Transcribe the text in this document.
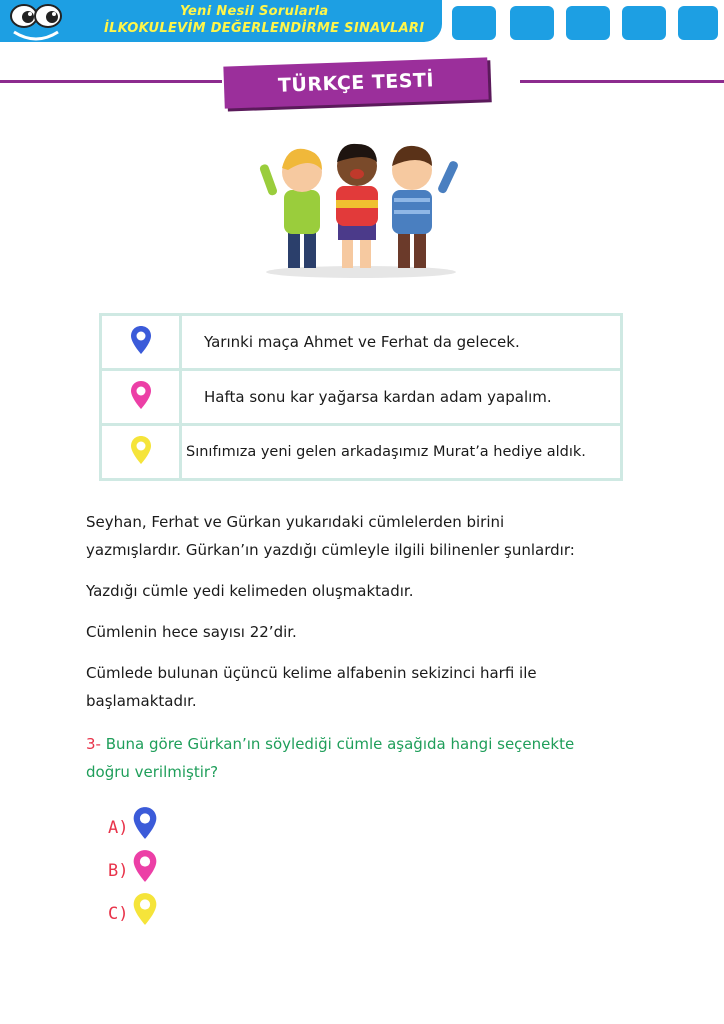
Yeni Nesil Sorularla
İLKOKULEVİM DEĞERLENDİRME SINAVLARI
TÜRKÇE TESTİ
	Yarınki maça Ahmet ve Ferhat da gelecek.
	Hafta sonu kar yağarsa kardan adam yapalım.
	Sınıfımıza yeni gelen arkadaşımız Murat’a hediye aldık.
Seyhan, Ferhat ve Gürkan yukarıdaki cümlelerden birini
yazmışlardır. Gürkan’ın yazdığı cümleyle ilgili bilinenler şunlardır:
Yazdığı cümle yedi kelimeden oluşmaktadır.
Cümlenin hece sayısı 22’dir.
Cümlede bulunan üçüncü kelime alfabenin sekizinci harfi ile
başlamaktadır.
3- Buna göre Gürkan’ın söylediği cümle aşağıda hangi seçenekte
doğru verilmiştir?
A)
B)
C)
